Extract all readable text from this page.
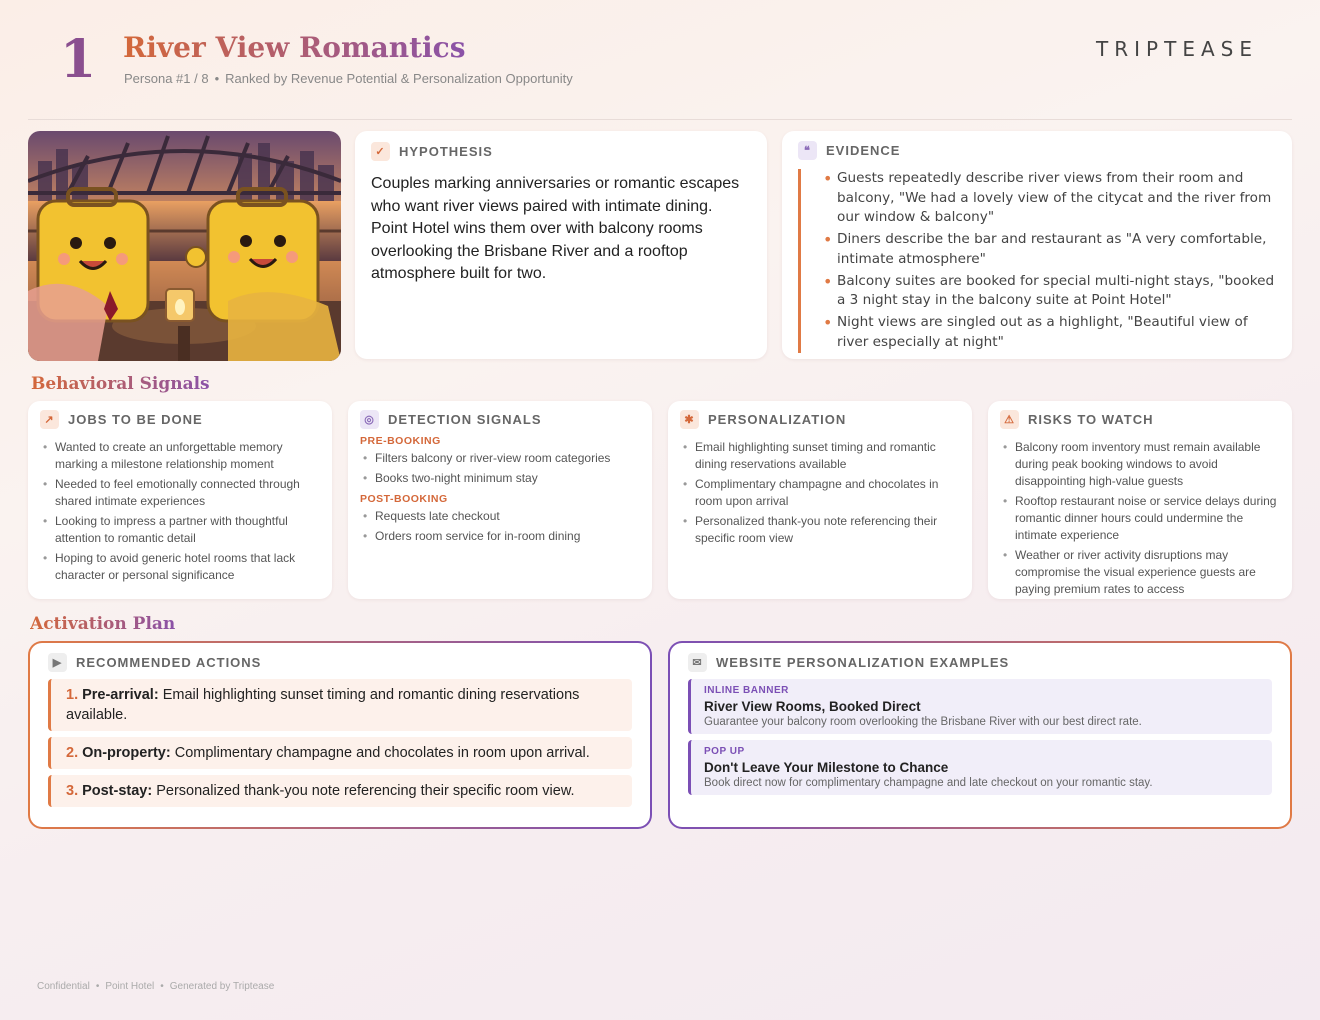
1 River View Romantics
Persona #1 / 8 • Ranked by Revenue Potential & Personalization Opportunity
TRIPTEASE
✓	HYPOTHESIS
Couples marking anniversaries or romantic escapes who want river views paired with intimate dining. Point Hotel wins them over with balcony rooms overlooking the Brisbane River and a rooftop atmosphere built for two.
❝	EVIDENCE
• Guests repeatedly describe river views from their room and balcony, "We had a lovely view of the citycat and the river from our window & balcony"
• Diners describe the bar and restaurant as "A very comfortable, intimate atmosphere"
• Balcony suites are booked for special multi-night stays, "booked a 3 night stay in the balcony suite at Point Hotel"
• Night views are singled out as a highlight, "Beautiful view of river especially at night"
Behavioral Signals
↗	JOBS TO BE DONE
• Wanted to create an unforgettable memory marking a milestone relationship moment
• Needed to feel emotionally connected through shared intimate experiences
• Looking to impress a partner with thoughtful attention to romantic detail
• Hoping to avoid generic hotel rooms that lack character or personal significance
◎	DETECTION SIGNALS
PRE-BOOKING
• Filters balcony or river-view room categories
• Books two-night minimum stay
POST-BOOKING
• Requests late checkout
• Orders room service for in-room dining
✱	PERSONALIZATION
• Email highlighting sunset timing and romantic dining reservations available
• Complimentary champagne and chocolates in room upon arrival
• Personalized thank-you note referencing their specific room view
⚠	RISKS TO WATCH
• Balcony room inventory must remain available during peak booking windows to avoid disappointing high-value guests
• Rooftop restaurant noise or service delays during romantic dinner hours could undermine the intimate experience
• Weather or river activity disruptions may compromise the visual experience guests are paying premium rates to access
Activation Plan
▶	RECOMMENDED ACTIONS
1. Pre-arrival: Email highlighting sunset timing and romantic dining reservations available.
2. On-property: Complimentary champagne and chocolates in room upon arrival.
3. Post-stay: Personalized thank-you note referencing their specific room view.
✉	WEBSITE PERSONALIZATION EXAMPLES
INLINE BANNER
River View Rooms, Booked Direct
Guarantee your balcony room overlooking the Brisbane River with our best direct rate.
POP UP
Don't Leave Your Milestone to Chance
Book direct now for complimentary champagne and late checkout on your romantic stay.
Confidential • Point Hotel • Generated by Triptease
